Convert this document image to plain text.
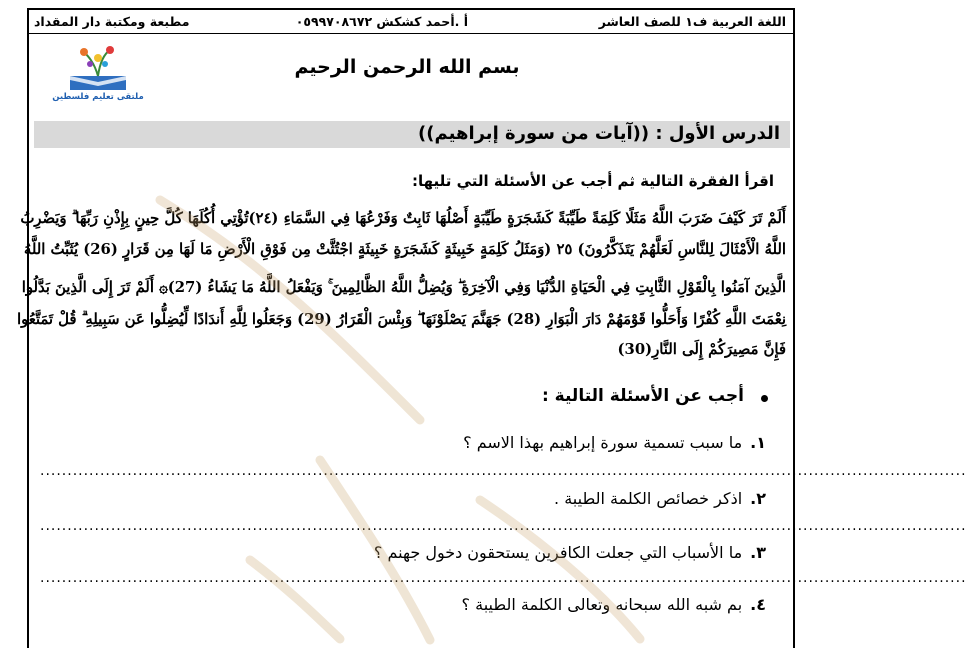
اللغة العربية ف١ للصف العاشر
أ .أحمد كشكش ٠٥٩٩٧٠٨٦٧٢
مطبعة ومكتبة دار المقداد
بسم الله الرحمن الرحيم
ملتقى تعليم فلسطين
الدرس الأول : ((آيات من سورة إبراهيم))
اقرأ الفقرة التالية ثم أجب عن الأسئلة التي تليها:
أَلَمْ تَرَ كَيْفَ ضَرَبَ اللَّهُ مَثَلًا كَلِمَةً طَيِّبَةً كَشَجَرَةٍ طَيِّبَةٍ أَصْلُهَا ثَابِتٌ وَفَرْعُهَا فِي السَّمَاءِ (٢٤)تُؤْتِي أُكُلَهَا كُلَّ حِينٍ بِإِذْنِ رَبِّهَا ۗ وَيَضْرِبُ
اللَّهُ الْأَمْثَالَ لِلنَّاسِ لَعَلَّهُمْ يَتَذَكَّرُونَ) ٢٥ (وَمَثَلُ كَلِمَةٍ خَبِيثَةٍ كَشَجَرَةٍ خَبِيثَةٍ اجْتُثَّتْ مِن فَوْقِ الْأَرْضِ مَا لَهَا مِن قَرَارٍ (26) يُثَبِّتُ اللَّهُ
الَّذِينَ آمَنُوا بِالْقَوْلِ الثَّابِتِ فِي الْحَيَاةِ الدُّنْيَا وَفِي الْآخِرَةِ ۖ وَيُضِلُّ اللَّهُ الظَّالِمِينَ ۚ وَيَفْعَلُ اللَّهُ مَا يَشَاءُ (27)۞ أَلَمْ تَرَ إِلَى الَّذِينَ بَدَّلُوا
نِعْمَتَ اللَّهِ كُفْرًا وَأَحَلُّوا قَوْمَهُمْ دَارَ الْبَوَارِ (28) جَهَنَّمَ يَصْلَوْنَهَا ۖ وَبِئْسَ الْقَرَارُ (29) وَجَعَلُوا لِلَّهِ أَندَادًا لِّيُضِلُّوا عَن سَبِيلِهِ ۗ قُلْ تَمَتَّعُوا
فَإِنَّ مَصِيرَكُمْ إِلَى النَّارِ(30)
أجب عن الأسئلة التالية :
١.ما سبب تسمية سورة إبراهيم بهذا الاسم ؟
..........................................................................................................................................................................
٢.اذكر خصائص الكلمة الطيبة .
..........................................................................................................................................................................
٣.ما الأسباب التي جعلت الكافرين يستحقون دخول جهنم ؟
..........................................................................................................................................................................
٤.بم شبه الله سبحانه وتعالى الكلمة الطيبة ؟
